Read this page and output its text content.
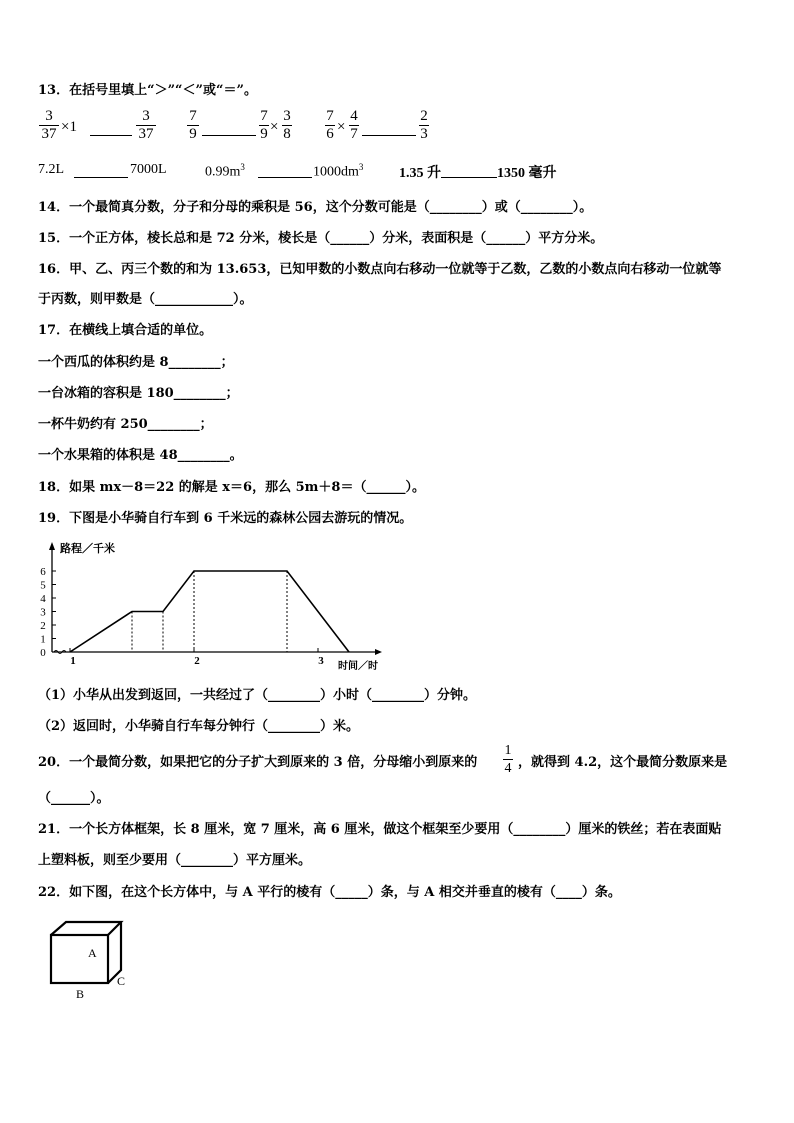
13．在括号里填上“＞”“＜”或“＝”。
3
37 ×1
3
37
7
9
7
9 ×
3
8
7
6 ×
4
7
2
3
7.2L	7000L	$0.99m^3$	$1000dm^3$	1.35 升	1350 毫升
14．一个最简真分数，分子和分母的乘积是 56，这个分数可能是（________）或（________）。
15．一个正方体，棱长总和是 72 分米，棱长是（______）分米，表面积是（______）平方分米。
16．甲、乙、丙三个数的和为 13.653，已知甲数的小数点向右移动一位就等于乙数，乙数的小数点向右移动一位就等
于丙数，则甲数是（____________）。
17．在横线上填合适的单位。
一个西瓜的体积约是 8________；
一台冰箱的容积是 180________；
一杯牛奶约有 250________；
一个水果箱的体积是 48________。
18．如果 mx－8＝22 的解是 x＝6，那么 5m＋8＝（______）。
19．下图是小华骑自行车到 6 千米远的森林公园去游玩的情况。
0
1
2
3
4
5
6
1	2	3
路程／千米
时间／时
（1）小华从出发到返回，一共经过了（________）小时（________）分钟。
（2）返回时，小华骑自行车每分钟行（________）米。
20．一个最简分数，如果把它的分子扩大到原来的 3 倍，分母缩小到原来的
1
4 ，就得到 4.2，这个最简分数原来是
（______）。
21．一个长方体框架，长 8 厘米，宽 7 厘米，高 6 厘米，做这个框架至少要用（________）厘米的铁丝；若在表面贴
上塑料板，则至少要用（________）平方厘米。
22．如下图，在这个长方体中，与 A 平行的棱有（_____）条，与 A 相交并垂直的棱有（____）条。
A
B
C
